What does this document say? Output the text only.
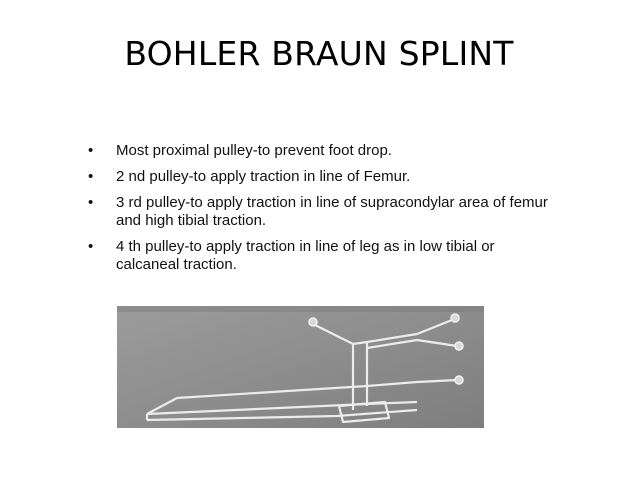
BOHLER BRAUN SPLINT
• Most proximal pulley-to prevent foot drop.
• 2 nd pulley-to apply traction in line of Femur.
• 3 rd pulley-to apply traction in line of supracondylar area of femur and high tibial traction.
• 4 th pulley-to apply traction in line of leg as in low tibial or calcaneal traction.
